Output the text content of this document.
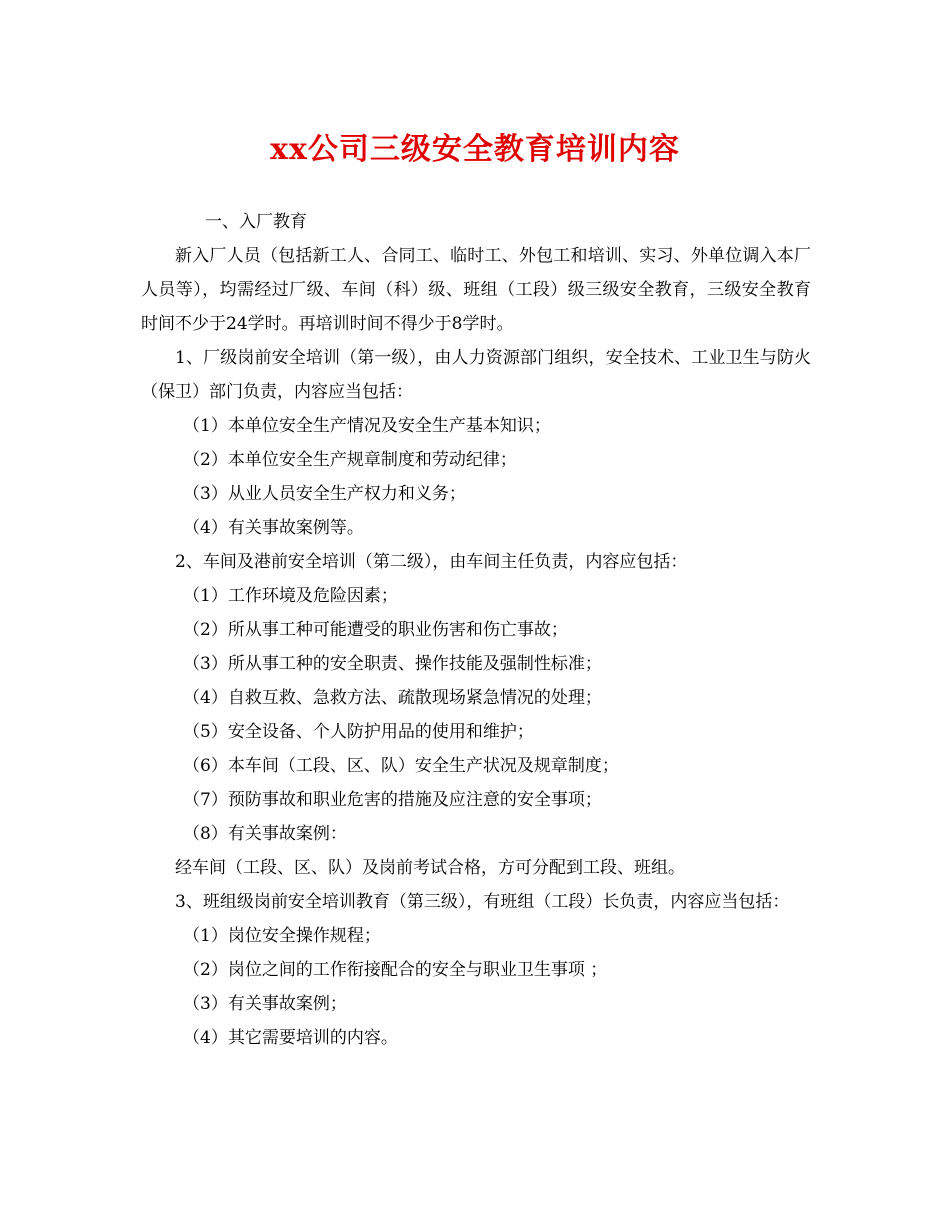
xx公司三级安全教育培训内容

一、入厂教育

新入厂人员（包括新工人、合同工、临时工、外包工和培训、实习、外单位调入本厂人员等），均需经过厂级、车间（科）级、班组（工段）级三级安全教育，三级安全教育时间不少于24学时。再培训时间不得少于8学时。

1、厂级岗前安全培训（第一级），由人力资源部门组织，安全技术、工业卫生与防火（保卫）部门负责，内容应当包括：

（1）本单位安全生产情况及安全生产基本知识；

（2）本单位安全生产规章制度和劳动纪律；

（3）从业人员安全生产权力和义务；

（4）有关事故案例等。

2、车间及港前安全培训（第二级），由车间主任负责，内容应包括：

（1）工作环境及危险因素；

（2）所从事工种可能遭受的职业伤害和伤亡事故；

（3）所从事工种的安全职责、操作技能及强制性标准；

（4）自救互救、急救方法、疏散现场紧急情况的处理；

（5）安全设备、个人防护用品的使用和维护；

（6）本车间（工段、区、队）安全生产状况及规章制度；

（7）预防事故和职业危害的措施及应注意的安全事项；

（8）有关事故案例：

经车间（工段、区、队）及岗前考试合格，方可分配到工段、班组。

3、班组级岗前安全培训教育（第三级），有班组（工段）长负责，内容应当包括：

（1）岗位安全操作规程；

（2）岗位之间的工作衔接配合的安全与职业卫生事项 ；

（3）有关事故案例；

（4）其它需要培训的内容。
